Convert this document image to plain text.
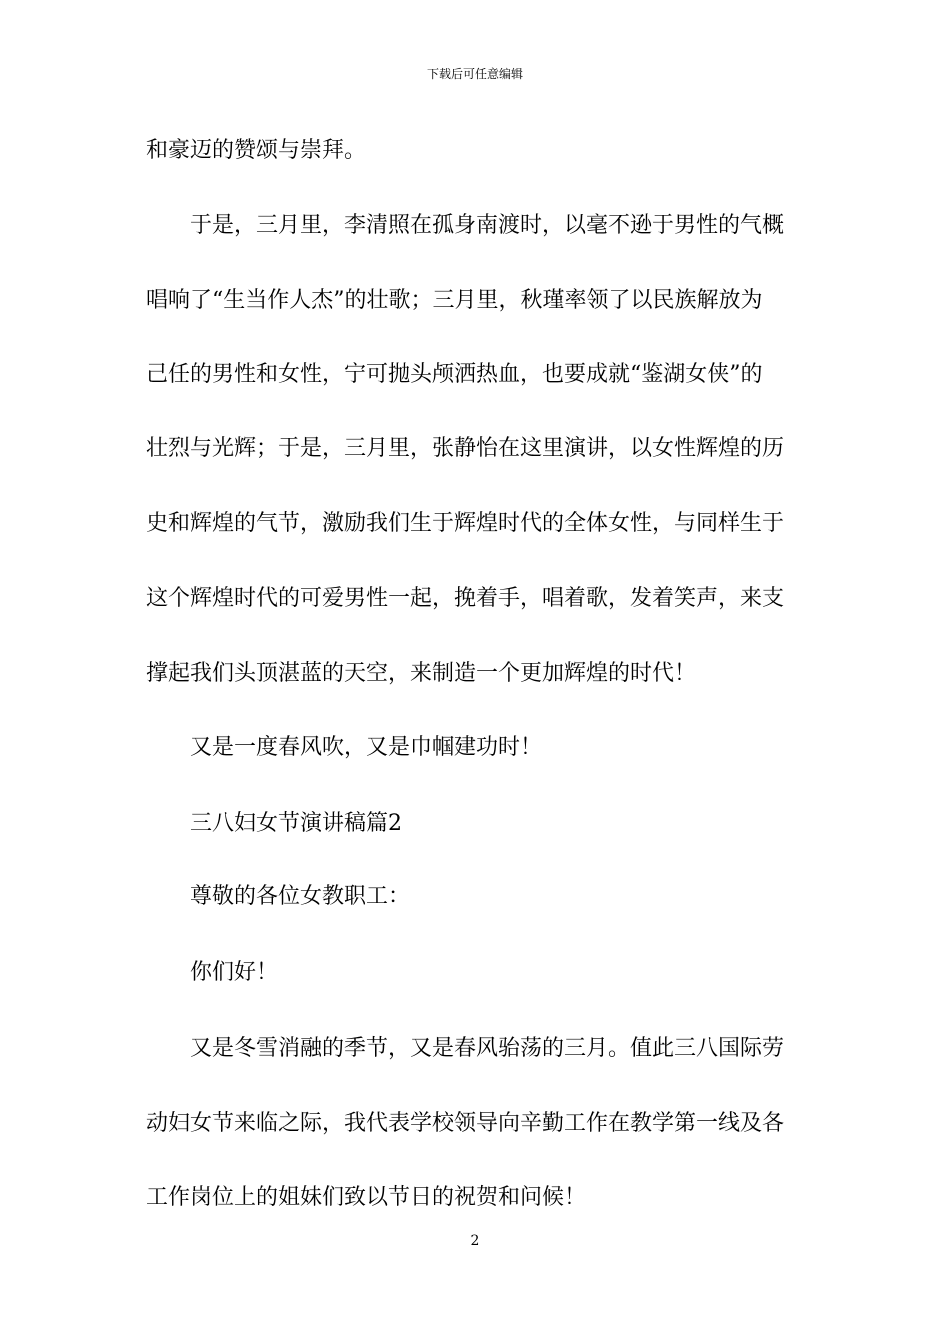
下载后可任意编辑
和豪迈的赞颂与崇拜。
　　于是，三月里，李清照在孤身南渡时，以毫不逊于男性的气概
唱响了“生当作人杰”的壮歌；三月里，秋瑾率领了以民族解放为
己任的男性和女性，宁可抛头颅洒热血，也要成就“鉴湖女侠”的
壮烈与光辉；于是，三月里，张静怡在这里演讲，以女性辉煌的历
史和辉煌的气节，激励我们生于辉煌时代的全体女性，与同样生于
这个辉煌时代的可爱男性一起，挽着手，唱着歌，发着笑声，来支
撑起我们头顶湛蓝的天空，来制造一个更加辉煌的时代！
　　又是一度春风吹，又是巾帼建功时！
　　三八妇女节演讲稿篇2
　　尊敬的各位女教职工：
　　你们好！
　　又是冬雪消融的季节，又是春风骀荡的三月。值此三八国际劳
动妇女节来临之际，我代表学校领导向辛勤工作在教学第一线及各
工作岗位上的姐妹们致以节日的祝贺和问候！
2
